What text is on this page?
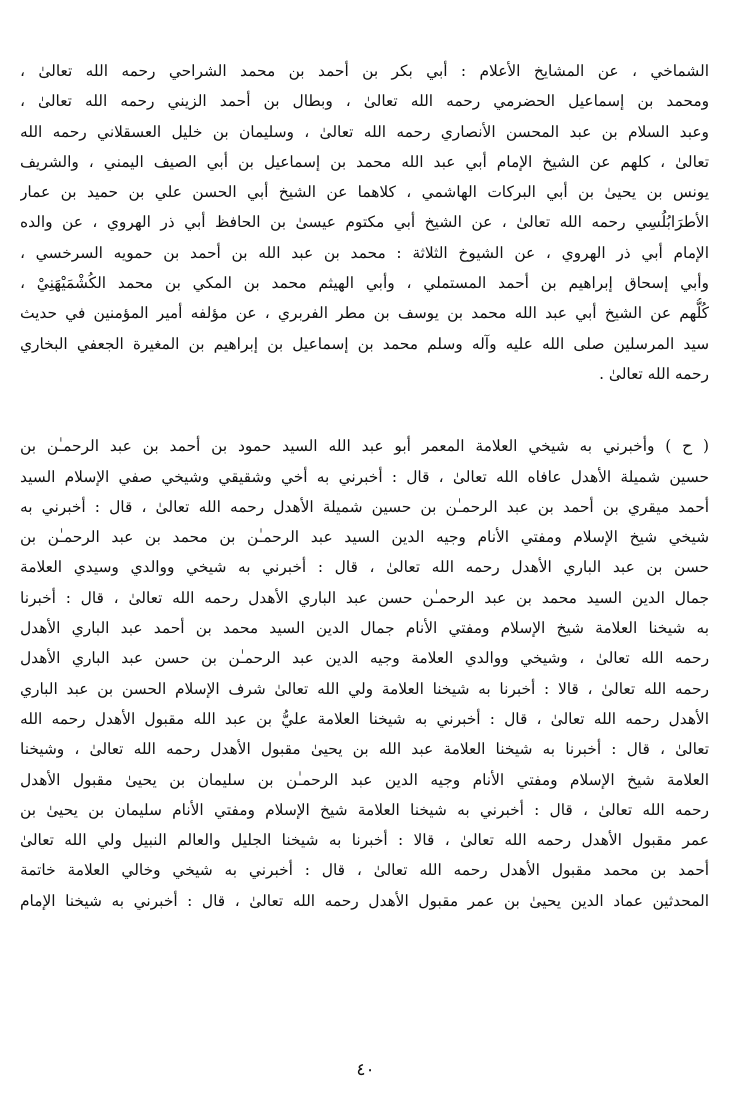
الشماخي ، عن المشايخ الأعلام : أبي بكر بن أحمد بن محمد الشراحي رحمه الله تعالىٰ ،
ومحمد بن إسماعيل الحضرمي رحمه الله تعالىٰ ، وبطال بن أحمد الزيني رحمه الله تعالىٰ ،
وعبد السلام بن عبد المحسن الأنصاري رحمه الله تعالىٰ ، وسليمان بن خليل العسقلاني رحمه الله
تعالىٰ ، كلهم عن الشيخ الإمام أبي عبد الله محمد بن إسماعيل بن أبي الصيف اليمني ، والشريف
يونس بن يحيىٰ بن أبي البركات الهاشمي ، كلاهما عن الشيخ أبي الحسن علي بن حميد بن عمار
الأطرَابُلُسِي رحمه الله تعالىٰ ، عن الشيخ أبي مكتوم عيسىٰ بن الحافظ أبي ذر الهروي ، عن والده
الإمام أبي ذر الهروي ، عن الشيوخ الثلاثة : محمد بن عبد الله بن أحمد بن حمويه السرخسي ،
وأبي إسحاق إبراهيم بن أحمد المستملي ، وأبي الهيثم محمد بن المكي بن محمد الكُشْمَيْهَنِيْ ،
كُلُّهم عن الشيخ أبي عبد الله محمد بن يوسف بن مطر الفربري ، عن مؤلفه أمير المؤمنين في حديث
سيد المرسلين صلى الله عليه وآله وسلم محمد بن إسماعيل بن إبراهيم بن المغيرة الجعفي البخاري
رحمه الله تعالىٰ .
( ح ) وأخبرني به شيخي العلامة المعمر أبو عبد الله السيد حمود بن أحمد بن عبد الرحمـٰن بن
حسين شميلة الأهدل عافاه الله تعالىٰ ، قال : أخبرني به أخي وشقيقي وشيخي صفي الإسلام السيد
أحمد ميقري بن أحمد بن عبد الرحمـٰن بن حسين شميلة الأهدل رحمه الله تعالىٰ ، قال : أخبرني به
شيخي شيخ الإسلام ومفتي الأنام وجيه الدين السيد عبد الرحمـٰن بن محمد بن عبد الرحمـٰن بن
حسن بن عبد الباري الأهدل رحمه الله تعالىٰ ، قال : أخبرني به شيخي ووالدي وسيدي العلامة
جمال الدين السيد محمد بن عبد الرحمـٰن حسن عبد الباري الأهدل رحمه الله تعالىٰ ، قال : أخبرنا
به شيخنا العلامة شيخ الإسلام ومفتي الأنام جمال الدين السيد محمد بن أحمد عبد الباري الأهدل
رحمه الله تعالىٰ ، وشيخي ووالدي العلامة وجيه الدين عبد الرحمـٰن بن حسن عبد الباري الأهدل
رحمه الله تعالىٰ ، قالا : أخبرنا به شيخنا العلامة ولي الله تعالىٰ شرف الإسلام الحسن بن عبد الباري
الأهدل رحمه الله تعالىٰ ، قال : أخبرني به شيخنا العلامة عليُّ بن عبد الله مقبول الأهدل رحمه الله
تعالىٰ ، قال : أخبرنا به شيخنا العلامة عبد الله بن يحيىٰ مقبول الأهدل رحمه الله تعالىٰ ، وشيخنا
العلامة شيخ الإسلام ومفتي الأنام وجيه الدين عبد الرحمـٰن بن سليمان بن يحيىٰ مقبول الأهدل
رحمه الله تعالىٰ ، قال : أخبرني به شيخنا العلامة شيخ الإسلام ومفتي الأنام سليمان بن يحيىٰ بن
عمر مقبول الأهدل رحمه الله تعالىٰ ، قالا : أخبرنا به شيخنا الجليل والعالم النبيل ولي الله تعالىٰ
أحمد بن محمد مقبول الأهدل رحمه الله تعالىٰ ، قال : أخبرني به شيخي وخالي العلامة خاتمة
المحدثين عماد الدين يحيىٰ بن عمر مقبول الأهدل رحمه الله تعالىٰ ، قال : أخبرني به شيخنا الإمام
٤٠
